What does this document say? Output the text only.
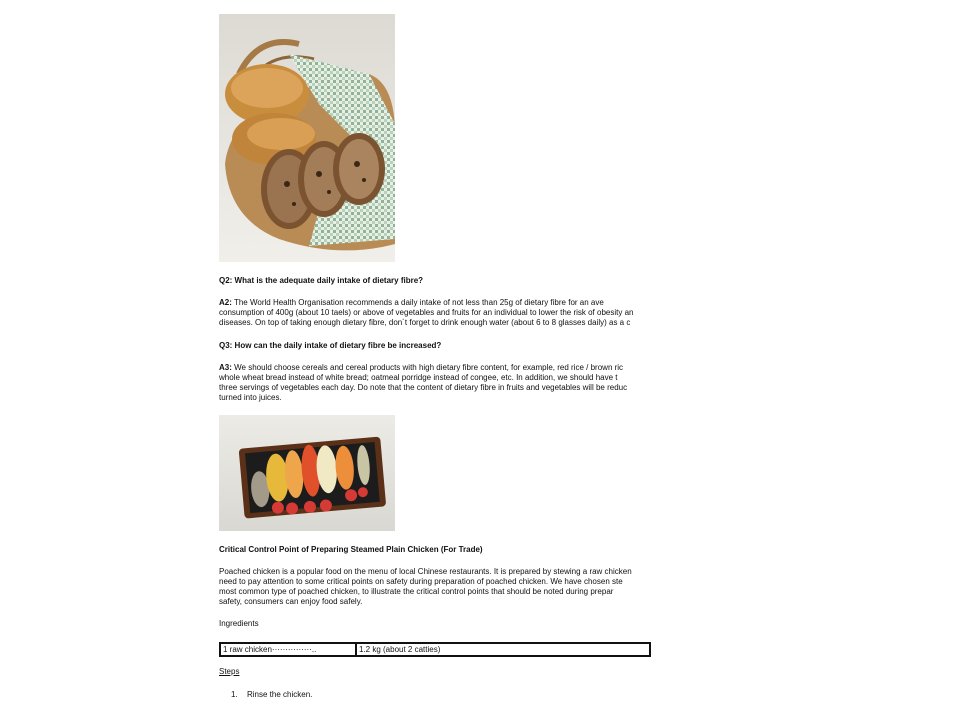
Q2: What is the adequate daily intake of dietary fibre?
A2: The World Health Organisation recommends a daily intake of not less than 25g of dietary fibre for an ave
consumption of 400g (about 10 taels) or above of vegetables and fruits for an individual to lower the risk of obesity an
diseases. On top of taking enough dietary fibre, don´t forget to drink enough water (about 6 to 8 glasses daily) as a c
Q3: How can the daily intake of dietary fibre be increased?
A3: We should choose cereals and cereal products with high dietary fibre content, for example, red rice / brown ric
whole wheat bread instead of white bread; oatmeal porridge instead of congee, etc. In addition, we should have t
three servings of vegetables each day. Do note that the content of dietary fibre in fruits and vegetables will be reduc
turned into juices.
Critical Control Point of Preparing Steamed Plain Chicken (For Trade)
Poached chicken is a popular food on the menu of local Chinese restaurants. It is prepared by stewing a raw chicken
need to pay attention to some critical points on safety during preparation of poached chicken. We have chosen ste
most common type of poached chicken, to illustrate the critical control points that should be noted during prepar
safety, consumers can enjoy food safely.
Ingredients
1 raw chicken···············..	1.2 kg (about 2 catties)
Steps
1. Rinse the chicken.
